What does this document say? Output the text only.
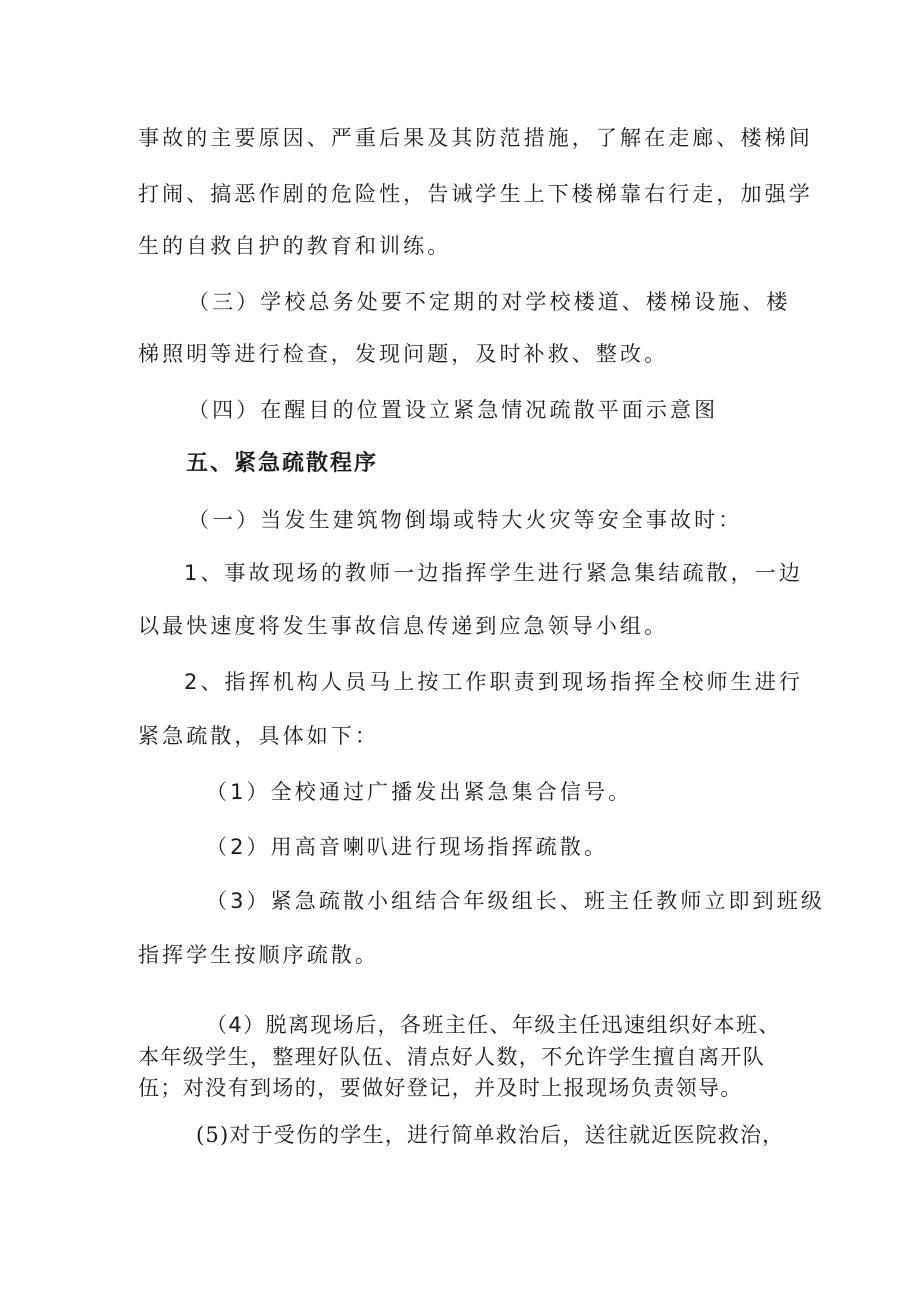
事故的主要原因、严重后果及其防范措施，了解在走廊、楼梯间
打闹、搞恶作剧的危险性，告诫学生上下楼梯靠右行走，加强学
生的自救自护的教育和训练。
（三）学校总务处要不定期的对学校楼道、楼梯设施、楼
梯照明等进行检查，发现问题，及时补救、整改。
（四）在醒目的位置设立紧急情况疏散平面示意图
五、紧急疏散程序
（一）当发生建筑物倒塌或特大火灾等安全事故时：
1、事故现场的教师一边指挥学生进行紧急集结疏散，一边
以最快速度将发生事故信息传递到应急领导小组。
2、指挥机构人员马上按工作职责到现场指挥全校师生进行
紧急疏散，具体如下：
（1）全校通过广播发出紧急集合信号。
（2）用高音喇叭进行现场指挥疏散。
（3）紧急疏散小组结合年级组长、班主任教师立即到班级
指挥学生按顺序疏散。
（4）脱离现场后，各班主任、年级主任迅速组织好本班、
本年级学生，整理好队伍、清点好人数，不允许学生擅自离开队
伍；对没有到场的，要做好登记，并及时上报现场负责领导。
(5)对于受伤的学生，进行简单救治后，送往就近医院救治，
